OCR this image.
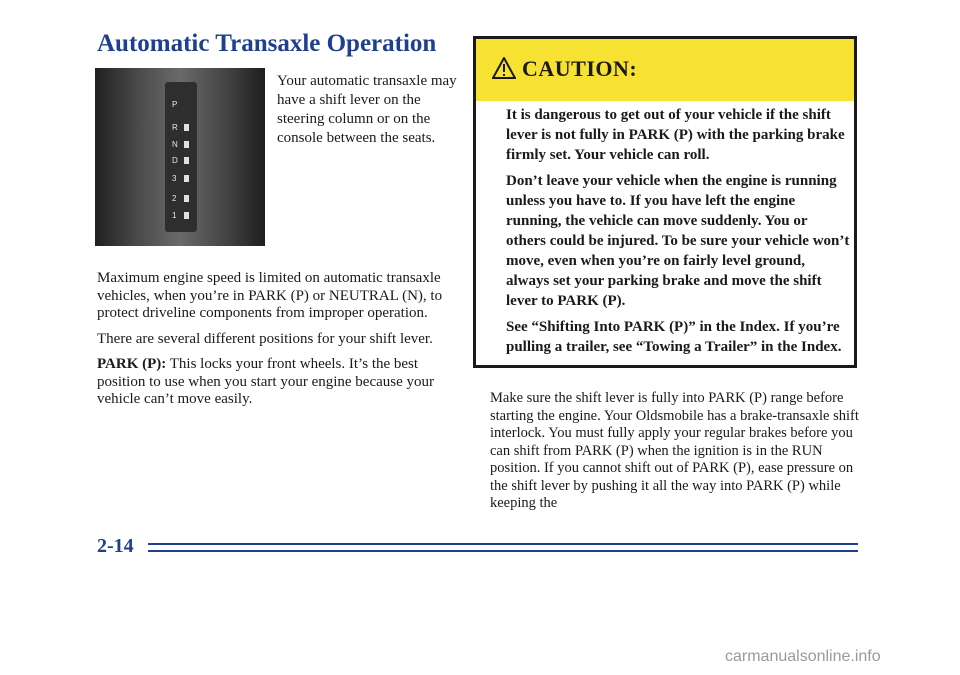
Automatic Transaxle Operation
P
R
N
D
3
2
1
Your automatic transaxle may have a shift lever on the steering column or on the console between the seats.

Maximum engine speed is limited on automatic transaxle vehicles, when you’re in PARK (P) or NEUTRAL (N), to protect driveline components from improper operation.

There are several different positions for your shift lever.

PARK (P): This locks your front wheels. It’s the best position to use when you start your engine because your vehicle can’t move easily.

CAUTION:

It is dangerous to get out of your vehicle if the shift lever is not fully in PARK (P) with the parking brake firmly set. Your vehicle can roll.

Don’t leave your vehicle when the engine is running unless you have to. If you have left the engine running, the vehicle can move suddenly. You or others could be injured. To be sure your vehicle won’t move, even when you’re on fairly level ground, always set your parking brake and move the shift lever to PARK (P).

See “Shifting Into PARK (P)” in the Index. If you’re pulling a trailer, see “Towing a Trailer” in the Index.

Make sure the shift lever is fully into PARK (P) range before starting the engine. Your Oldsmobile has a brake-transaxle shift interlock. You must fully apply your regular brakes before you can shift from PARK (P) when the ignition is in the RUN position. If you cannot shift out of PARK (P), ease pressure on the shift lever by pushing it all the way into PARK (P) while keeping the
2-14
carmanualsonline.info
